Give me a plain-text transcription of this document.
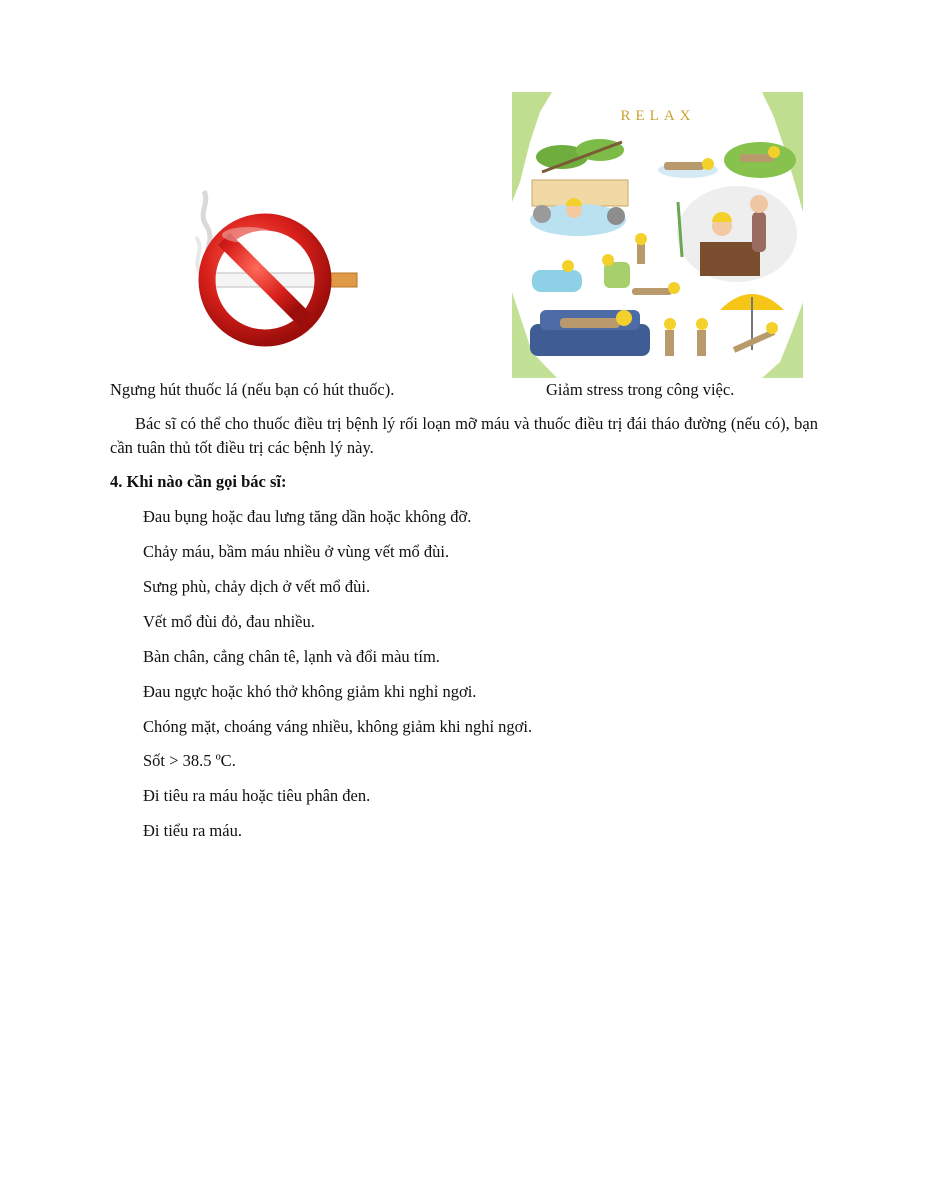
RELAX
Ngưng hút thuốc lá (nếu bạn có hút thuốc).	Giảm stress trong công việc.
Bác sĩ có thể cho thuốc điều trị bệnh lý rối loạn mỡ máu và thuốc điều trị đái tháo đường (nếu có), bạn cần tuân thủ tốt điều trị các bệnh lý này.
4. Khi nào cần gọi bác sĩ:
Đau bụng hoặc đau lưng tăng dần hoặc không đỡ.
Chảy máu, bầm máu nhiều ở vùng vết mổ đùi.
Sưng phù, chảy dịch ở vết mổ đùi.
Vết mổ đùi đỏ, đau nhiều.
Bàn chân, cẳng chân tê, lạnh và đổi màu tím.
Đau ngực hoặc khó thở không giảm khi nghỉ ngơi.
Chóng mặt, choáng váng nhiều, không giảm khi nghỉ ngơi.
Sốt > 38.5 ºC.
Đi tiêu ra máu hoặc tiêu phân đen.
Đi tiểu ra máu.
